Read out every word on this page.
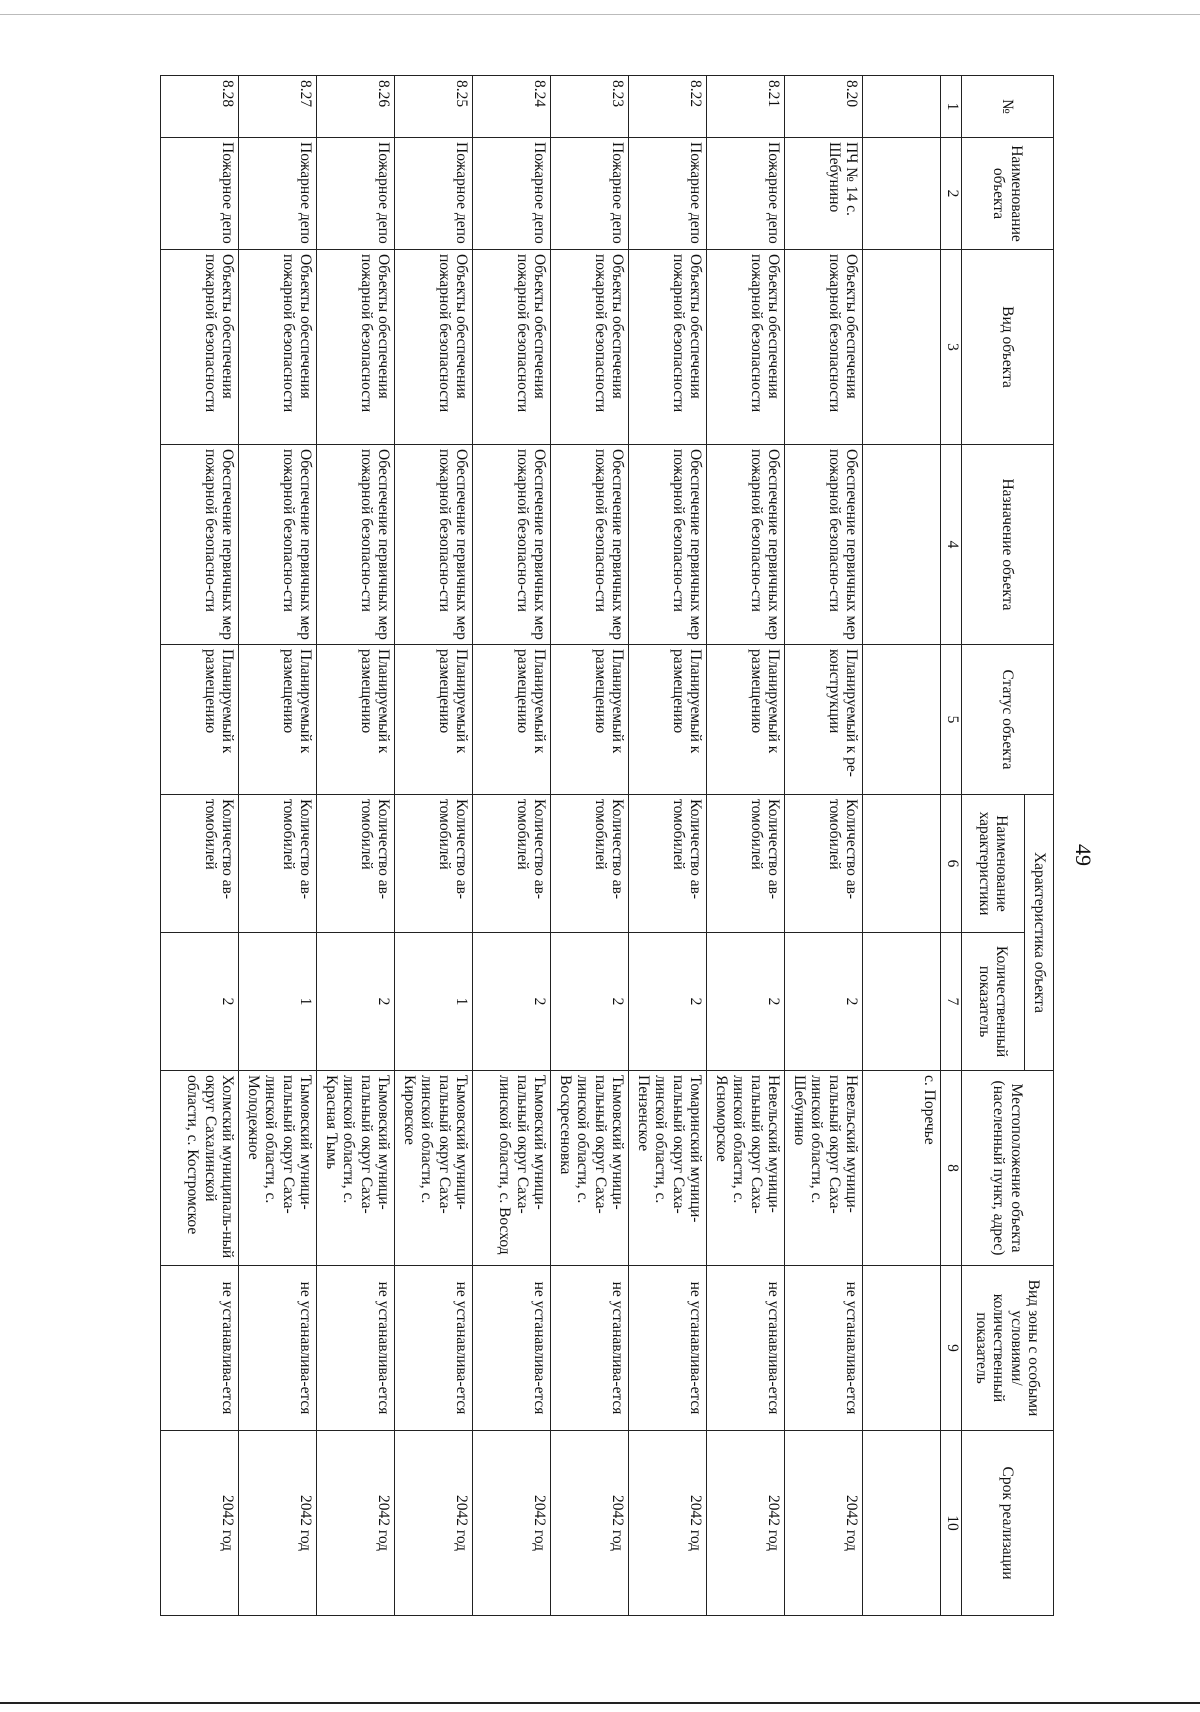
49
№	Наименование объекта	Вид объекта	Назначение объекта	Статус объекта	Характеристика объекта		Местоположение объекта (населенный пункт, адрес)	Вид зоны с особыми условиями/ количественный показатель	Срок реализации
					Наименование характеристики	Количественный показатель			
1	2	3	4	5	6	7	8	9	10
							с. Поречье		
8.20	ПЧ № 14 с. Шебунино	Объекты обеспечения пожарной безопасности	Обеспечение первичных мер пожарной безопасно-сти	Планируемый к ре-конструкции	Количество ав-томобилей	2	Невельский муници-пальный округ Саха-линской области, с. Шебунино	не устанавлива-ется	2042 год
8.21	Пожарное депо	Объекты обеспечения пожарной безопасности	Обеспечение первичных мер пожарной безопасно-сти	Планируемый к размещению	Количество ав-томобилей	2	Невельский муници-пальный округ Саха-линской области, с. Ясноморское	не устанавлива-ется	2042 год
8.22	Пожарное депо	Объекты обеспечения пожарной безопасности	Обеспечение первичных мер пожарной безопасно-сти	Планируемый к размещению	Количество ав-томобилей	2	Томаринский муници-пальный округ Саха-линской области, с. Пензенское	не устанавлива-ется	2042 год
8.23	Пожарное депо	Объекты обеспечения пожарной безопасности	Обеспечение первичных мер пожарной безопасно-сти	Планируемый к размещению	Количество ав-томобилей	2	Тымовский муници-пальный округ Саха-линской области, с. Воскресеновка	не устанавлива-ется	2042 год
8.24	Пожарное депо	Объекты обеспечения пожарной безопасности	Обеспечение первичных мер пожарной безопасно-сти	Планируемый к размещению	Количество ав-томобилей	2	Тымовский муници-пальный округ Саха-линской области, с. Восход	не устанавлива-ется	2042 год
8.25	Пожарное депо	Объекты обеспечения пожарной безопасности	Обеспечение первичных мер пожарной безопасно-сти	Планируемый к размещению	Количество ав-томобилей	1	Тымовский муници-пальный округ Саха-линской области, с. Кировское	не устанавлива-ется	2042 год
8.26	Пожарное депо	Объекты обеспечения пожарной безопасности	Обеспечение первичных мер пожарной безопасно-сти	Планируемый к размещению	Количество ав-томобилей	2	Тымовский муници-пальный округ Саха-линской области, с. Красная Тымь	не устанавлива-ется	2042 год
8.27	Пожарное депо	Объекты обеспечения пожарной безопасности	Обеспечение первичных мер пожарной безопасно-сти	Планируемый к размещению	Количество ав-томобилей	1	Тымовский муници-пальный округ Саха-линской области, с. Молодежное	не устанавлива-ется	2042 год
8.28	Пожарное депо	Объекты обеспечения пожарной безопасности	Обеспечение первичных мер пожарной безопасно-сти	Планируемый к размещению	Количество ав-томобилей	2	Холмский муниципаль-ный округ Сахалинской области, с. Костромское	не устанавлива-ется	2042 год
